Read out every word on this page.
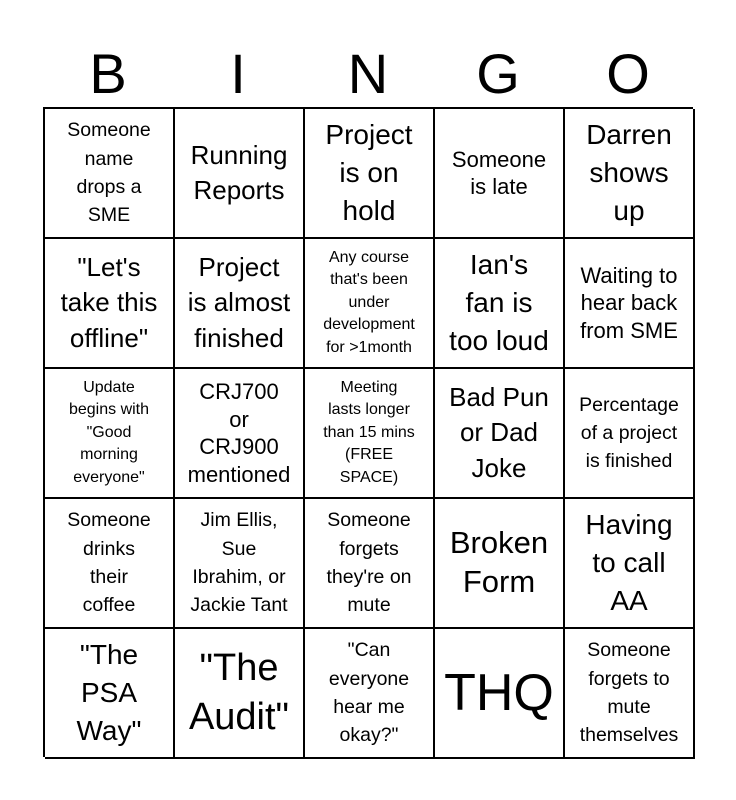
B	I	N	G	O
Someone
name
drops a
SME
Running
Reports
Project
is on
hold
Someone
is late
Darren
shows
up
"Let's
take this
offline"
Project
is almost
finished
Any course
that's been
under
development
for >1month
Ian's
fan is
too loud
Waiting to
hear back
from SME
Update
begins with
"Good
morning
everyone"
CRJ700
or
CRJ900
mentioned
Meeting
lasts longer
than 15 mins
(FREE
SPACE)
Bad Pun
or Dad
Joke
Percentage
of a project
is finished
Someone
drinks
their
coffee
Jim Ellis,
Sue
Ibrahim, or
Jackie Tant
Someone
forgets
they're on
mute
Broken
Form
Having
to call
AA
"The
PSA
Way"
"The
Audit"
"Can
everyone
hear me
okay?"
THQ
Someone
forgets to
mute
themselves
